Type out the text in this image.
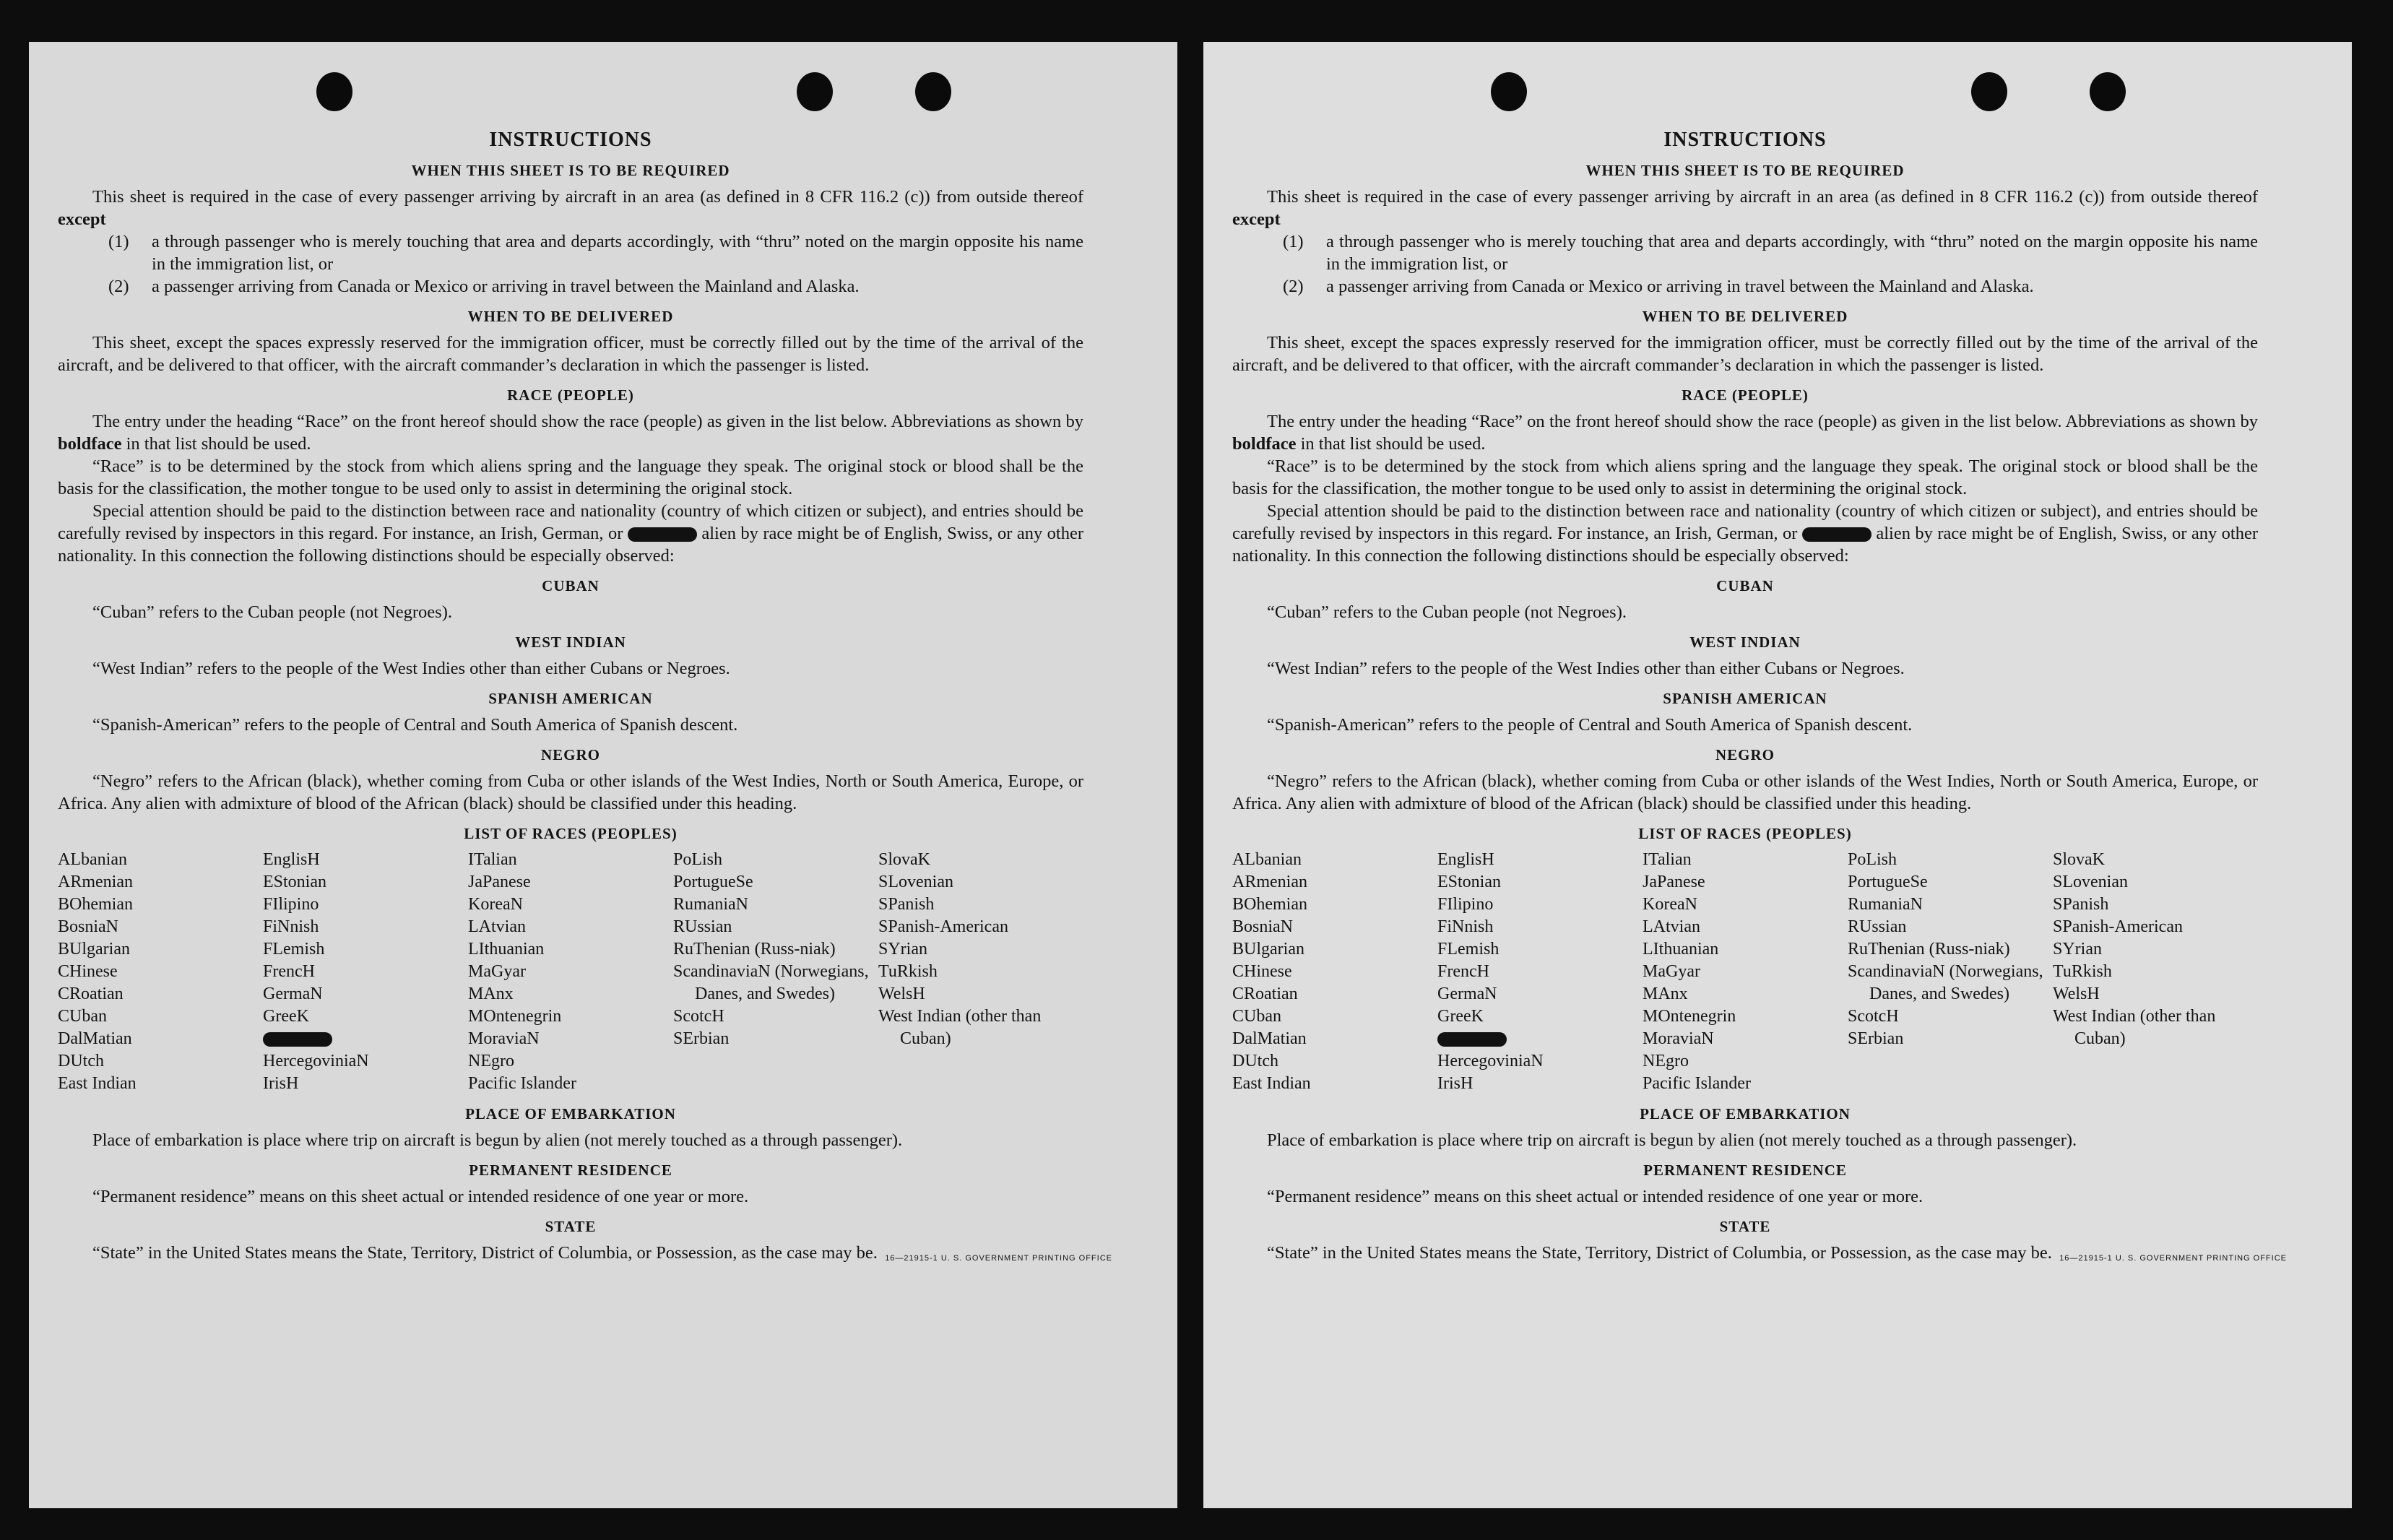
INSTRUCTIONS
WHEN THIS SHEET IS TO BE REQUIRED

This sheet is required in the case of every passenger arriving by aircraft in an area (as defined in 8 CFR 116.2 (c)) from outside thereof except

(1) a through passenger who is merely touching that area and departs accordingly, with “thru” noted on the margin opposite his name in the immigration list, or
(2) a passenger arriving from Canada or Mexico or arriving in travel between the Mainland and Alaska.
WHEN TO BE DELIVERED

This sheet, except the spaces expressly reserved for the immigration officer, must be correctly filled out by the time of the arrival of the aircraft, and be delivered to that officer, with the aircraft commander’s declaration in which the passenger is listed.

RACE (PEOPLE)

The entry under the heading “Race” on the front hereof should show the race (people) as given in the list below. Abbreviations as shown by boldface in that list should be used.

“Race” is to be determined by the stock from which aliens spring and the language they speak. The original stock or blood shall be the basis for the classification, the mother tongue to be used only to assist in determining the original stock.

Special attention should be paid to the distinction between race and nationality (country of which citizen or subject), and entries should be carefully revised by inspectors in this regard. For instance, an Irish, German, or	alien by race might be of English, Swiss, or any other nationality. In this connection the following distinctions should be especially observed:

CUBAN

“Cuban” refers to the Cuban people (not Negroes).

WEST INDIAN

“West Indian” refers to the people of the West Indies other than either Cubans or Negroes.

SPANISH AMERICAN

“Spanish-American” refers to the people of Central and South America of Spanish descent.

NEGRO

“Negro” refers to the African (black), whether coming from Cuba or other islands of the West Indies, North or South America, Europe, or Africa. Any alien with admixture of blood of the African (black) should be classified under this heading.

LIST OF RACES (PEOPLES)
ALbanian
ARmenian
BOhemian
BosniaN
BUlgarian
CHinese
CRoatian
CUban
DalMatian
DUtch
East Indian
EnglisH
EStonian
FIlipino
FiNnish
FLemish
FrencH
GermaN
GreeK
HercegoviniaN
IrisH
ITalian
JaPanese
KoreaN
LAtvian
LIthuanian
MaGyar
MAnx
MOntenegrin
MoraviaN
NEgro
Pacific Islander
PoLish
PortugueSe
RumaniaN
RUssian
RuThenian (Russ-niak)
ScandinaviaN (Norwegians, Danes, and Swedes)
ScotcH
SErbian
SlovaK
SLovenian
SPanish
SPanish-American
SYrian
TuRkish
WelsH
West Indian (other than Cuban)
PLACE OF EMBARKATION

Place of embarkation is place where trip on aircraft is begun by alien (not merely touched as a through passenger).

PERMANENT RESIDENCE

“Permanent residence” means on this sheet actual or intended residence of one year or more.

STATE

“State” in the United States means the State, Territory, District of Columbia, or Possession, as the case may be. 16—21915-1 U. S. GOVERNMENT PRINTING OFFICE
INSTRUCTIONS
WHEN THIS SHEET IS TO BE REQUIRED

This sheet is required in the case of every passenger arriving by aircraft in an area (as defined in 8 CFR 116.2 (c)) from outside thereof except

(1) a through passenger who is merely touching that area and departs accordingly, with “thru” noted on the margin opposite his name in the immigration list, or
(2) a passenger arriving from Canada or Mexico or arriving in travel between the Mainland and Alaska.
WHEN TO BE DELIVERED

This sheet, except the spaces expressly reserved for the immigration officer, must be correctly filled out by the time of the arrival of the aircraft, and be delivered to that officer, with the aircraft commander’s declaration in which the passenger is listed.

RACE (PEOPLE)

The entry under the heading “Race” on the front hereof should show the race (people) as given in the list below. Abbreviations as shown by boldface in that list should be used.

“Race” is to be determined by the stock from which aliens spring and the language they speak. The original stock or blood shall be the basis for the classification, the mother tongue to be used only to assist in determining the original stock.

Special attention should be paid to the distinction between race and nationality (country of which citizen or subject), and entries should be carefully revised by inspectors in this regard. For instance, an Irish, German, or	alien by race might be of English, Swiss, or any other nationality. In this connection the following distinctions should be especially observed:

CUBAN

“Cuban” refers to the Cuban people (not Negroes).

WEST INDIAN

“West Indian” refers to the people of the West Indies other than either Cubans or Negroes.

SPANISH AMERICAN

“Spanish-American” refers to the people of Central and South America of Spanish descent.

NEGRO

“Negro” refers to the African (black), whether coming from Cuba or other islands of the West Indies, North or South America, Europe, or Africa. Any alien with admixture of blood of the African (black) should be classified under this heading.

LIST OF RACES (PEOPLES)
ALbanian
ARmenian
BOhemian
BosniaN
BUlgarian
CHinese
CRoatian
CUban
DalMatian
DUtch
East Indian
EnglisH
EStonian
FIlipino
FiNnish
FLemish
FrencH
GermaN
GreeK
HercegoviniaN
IrisH
ITalian
JaPanese
KoreaN
LAtvian
LIthuanian
MaGyar
MAnx
MOntenegrin
MoraviaN
NEgro
Pacific Islander
PoLish
PortugueSe
RumaniaN
RUssian
RuThenian (Russ-niak)
ScandinaviaN (Norwegians, Danes, and Swedes)
ScotcH
SErbian
SlovaK
SLovenian
SPanish
SPanish-American
SYrian
TuRkish
WelsH
West Indian (other than Cuban)
PLACE OF EMBARKATION

Place of embarkation is place where trip on aircraft is begun by alien (not merely touched as a through passenger).

PERMANENT RESIDENCE

“Permanent residence” means on this sheet actual or intended residence of one year or more.

STATE

“State” in the United States means the State, Territory, District of Columbia, or Possession, as the case may be. 16—21915-1 U. S. GOVERNMENT PRINTING OFFICE
